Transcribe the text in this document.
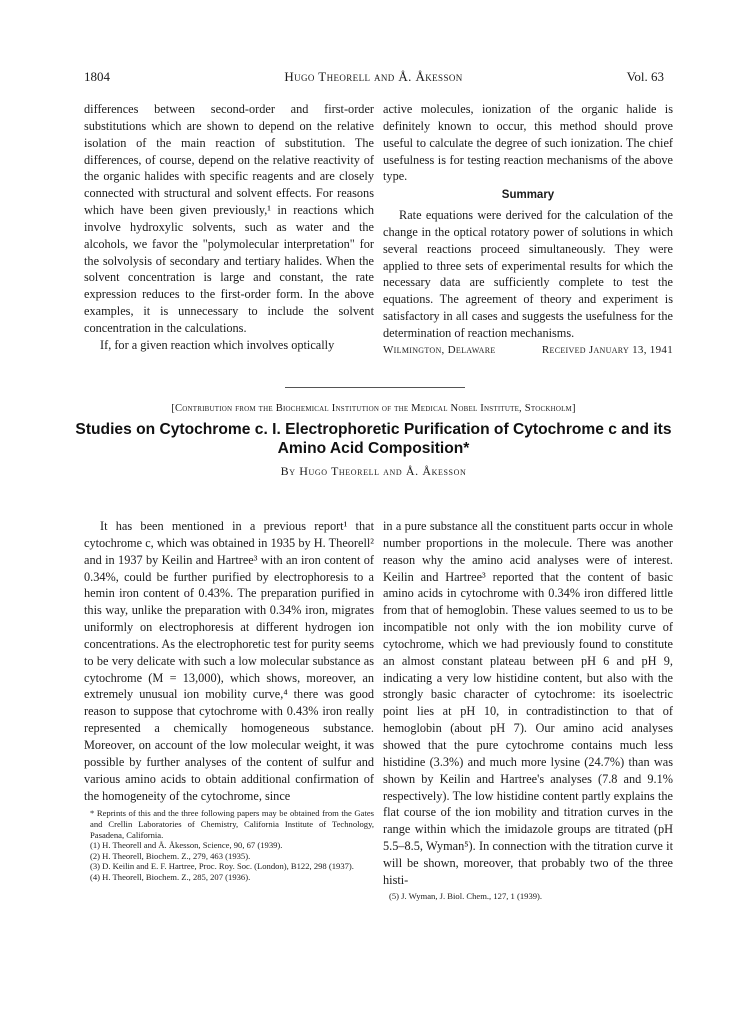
1804	Hugo Theorell and Å. Åkesson	Vol. 63

differences between second-order and first-order substitutions which are shown to depend on the relative isolation of the main reaction of substitution. The differences, of course, depend on the relative reactivity of the organic halides with specific reagents and are closely connected with structural and solvent effects. For reasons which have been given previously,¹ in reactions which involve hydroxylic solvents, such as water and the alcohols, we favor the "polymolecular interpretation" for the solvolysis of secondary and tertiary halides. When the solvent concentration is large and constant, the rate expression reduces to the first-order form. In the above examples, it is unnecessary to include the solvent concentration in the calculations.

If, for a given reaction which involves optically

active molecules, ionization of the organic halide is definitely known to occur, this method should prove useful to calculate the degree of such ionization. The chief usefulness is for testing reaction mechanisms of the above type.

Summary

Rate equations were derived for the calculation of the change in the optical rotatory power of solutions in which several reactions proceed simultaneously. They were applied to three sets of experimental results for which the necessary data are sufficiently complete to test the equations. The agreement of theory and experiment is satisfactory in all cases and suggests the usefulness for the determination of reaction mechanisms.

Wilmington, Delaware	Received January 13, 1941
[Contribution from the Biochemical Institution of the Medical Nobel Institute, Stockholm]
Studies on Cytochrome c. I. Electrophoretic Purification of Cytochrome c and its Amino Acid Composition*
By Hugo Theorell and Å. Åkesson

It has been mentioned in a previous report¹ that cytochrome c, which was obtained in 1935 by H. Theorell² and in 1937 by Keilin and Hartree³ with an iron content of 0.34%, could be further purified by electrophoresis to a hemin iron content of 0.43%. The preparation purified in this way, unlike the preparation with 0.34% iron, migrates uniformly on electrophoresis at different hydrogen ion concentrations. As the electrophoretic test for purity seems to be very delicate with such a low molecular substance as cytochrome (M = 13,000), which shows, moreover, an extremely unusual ion mobility curve,⁴ there was good reason to suppose that cytochrome with 0.43% iron really represented a chemically homogeneous substance. Moreover, on account of the low molecular weight, it was possible by further analyses of the content of sulfur and various amino acids to obtain additional confirmation of the homogeneity of the cytochrome, since

* Reprints of this and the three following papers may be obtained from the Gates and Crellin Laboratories of Chemistry, California Institute of Technology, Pasadena, California.

(1) H. Theorell and Å. Åkesson, Science, 90, 67 (1939).

(2) H. Theorell, Biochem. Z., 279, 463 (1935).

(3) D. Keilin and E. F. Hartree, Proc. Roy. Soc. (London), B122, 298 (1937).

(4) H. Theorell, Biochem. Z., 285, 207 (1936).

in a pure substance all the constituent parts occur in whole number proportions in the molecule. There was another reason why the amino acid analyses were of interest. Keilin and Hartree³ reported that the content of basic amino acids in cytochrome with 0.34% iron differed little from that of hemoglobin. These values seemed to us to be incompatible not only with the ion mobility curve of cytochrome, which we had previously found to constitute an almost constant plateau between pH 6 and pH 9, indicating a very low histidine content, but also with the strongly basic character of cytochrome: its isoelectric point lies at pH 10, in contradistinction to that of hemoglobin (about pH 7). Our amino acid analyses showed that the pure cytochrome contains much less histidine (3.3%) and much more lysine (24.7%) than was shown by Keilin and Hartree's analyses (7.8 and 9.1% respectively). The low histidine content partly explains the flat course of the ion mobility and titration curves in the range within which the imidazole groups are titrated (pH 5.5–8.5, Wyman⁵). In connection with the titration curve it will be shown, moreover, that probably two of the three histi-

(5) J. Wyman, J. Biol. Chem., 127, 1 (1939).
